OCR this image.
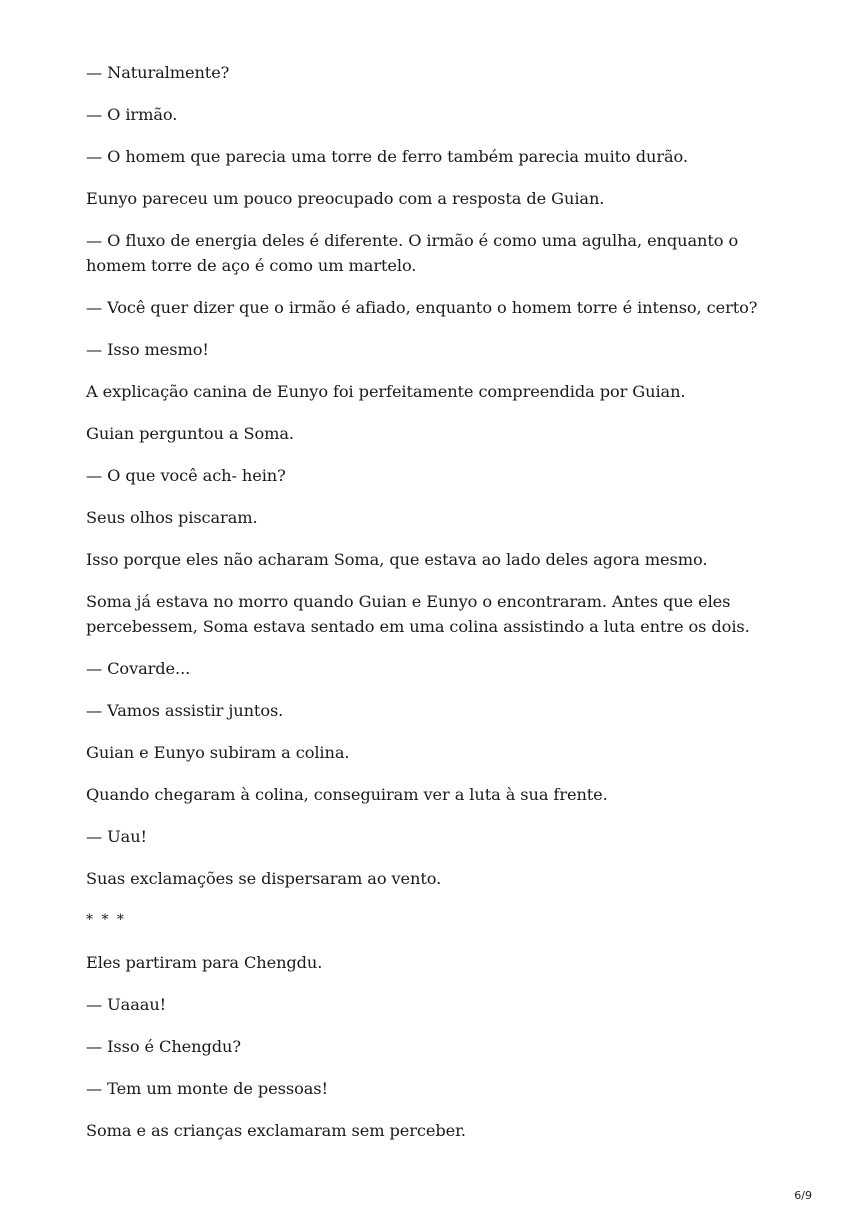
— Naturalmente?

— O irmão.

— O homem que parecia uma torre de ferro também parecia muito durão.

Eunyo pareceu um pouco preocupado com a resposta de Guian.

— O fluxo de energia deles é diferente. O irmão é como uma agulha, enquanto o homem torre de aço é como um martelo.

— Você quer dizer que o irmão é afiado, enquanto o homem torre é intenso, certo?

— Isso mesmo!

A explicação canina de Eunyo foi perfeitamente compreendida por Guian.

Guian perguntou a Soma.

— O que você ach- hein?

Seus olhos piscaram.

Isso porque eles não acharam Soma, que estava ao lado deles agora mesmo.

Soma já estava no morro quando Guian e Eunyo o encontraram. Antes que eles percebessem, Soma estava sentado em uma colina assistindo a luta entre os dois.

— Covarde...

— Vamos assistir juntos.

Guian e Eunyo subiram a colina.

Quando chegaram à colina, conseguiram ver a luta à sua frente.

— Uau!

Suas exclamações se dispersaram ao vento.

* * *

Eles partiram para Chengdu.

— Uaaau!

— Isso é Chengdu?

— Tem um monte de pessoas!

Soma e as crianças exclamaram sem perceber.

6/9
